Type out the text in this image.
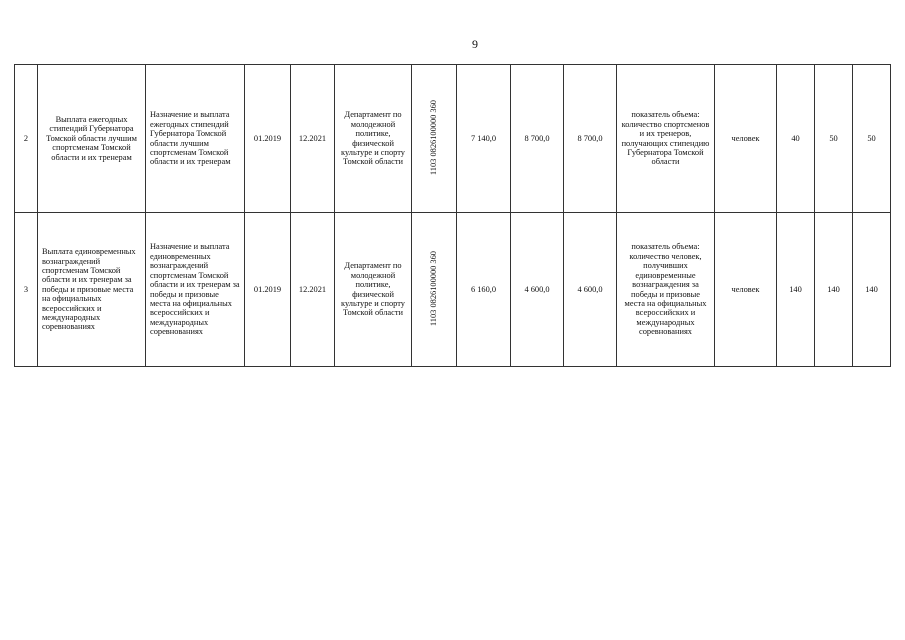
9
2	Выплата ежегодных стипендий Губернатора Томской области лучшим спортсменам Томской области и их тренерам	Назначение и выплата ежегодных стипендий Губернатора Томской области лучшим спортсменам Томской области и их тренерам	01.2019	12.2021	Департамент по молодежной политике, физической культуре и спорту Томской области	1103 0826100000 360	7 140,0	8 700,0	8 700,0	показатель объема: количество спортсменов и их тренеров, получающих стипендию Губернатора Томской области	человек	40	50	50
3	Выплата единовременных вознаграждений спортсменам Томской области и их тренерам за победы и призовые места на официальных всероссийских и международных соревнованиях	Назначение и выплата единовременных вознаграждений спортсменам Томской области и их тренерам за победы и призовые места на официальных всероссийских и международных соревнованиях	01.2019	12.2021	Департамент по молодежной политике, физической культуре и спорту Томской области	1103 0826100000 360	6 160,0	4 600,0	4 600,0	показатель объема: количество человек, получивших единовременные вознаграждения за победы и призовые места на официальных всероссийских и международных соревнованиях	человек	140	140	140
